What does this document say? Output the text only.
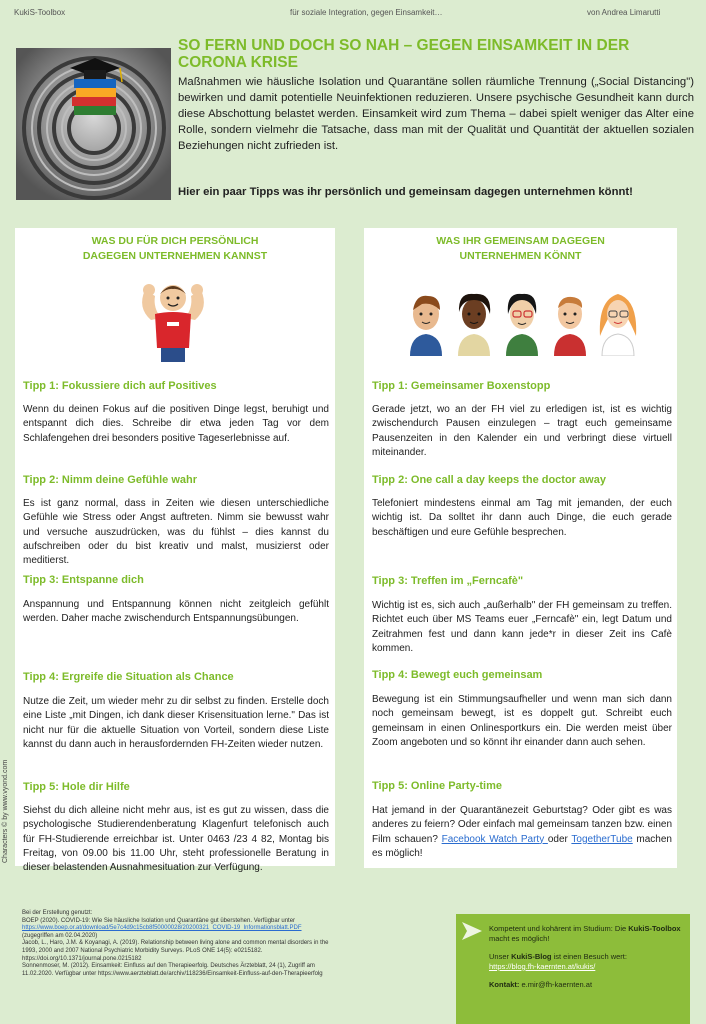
KukiS-Toolbox	für soziale Integration, gegen Einsamkeit…	von Andrea Limarutti
SO FERN UND DOCH SO NAH – GEGEN EINSAMKEIT IN DER CORONA KRISE

Maßnahmen wie häusliche Isolation und Quarantäne sollen räumliche Trennung („Social Distancing") bewirken und damit potentielle Neuinfektionen reduzieren. Unsere psychische Gesundheit kann durch diese Abschottung belastet werden. Einsamkeit wird zum Thema – dabei spielt weniger das Alter eine Rolle, sondern vielmehr die Tatsache, dass man mit der Qualität und Quantität der aktuellen sozialen Beziehungen nicht zufrieden ist.

Hier ein paar Tipps was ihr persönlich und gemeinsam dagegen unternehmen könnt!

WAS DU FÜR DICH PERSÖNLICH DAGEGEN UNTERNEHMEN KANNST
Tipp 1: Fokussiere dich auf Positives

Wenn du deinen Fokus auf die positiven Dinge legst, beruhigt und entspannt dich dies. Schreibe dir etwa jeden Tag vor dem Schlafengehen drei besonders positive Tageserlebnisse auf.

Tipp 2: Nimm deine Gefühle wahr

Es ist ganz normal, dass in Zeiten wie diesen unterschiedliche Gefühle wie Stress oder Angst auftreten. Nimm sie bewusst wahr und versuche auszudrücken, was du fühlst – dies kannst du aufschreiben oder du bist kreativ und malst, musizierst oder meditierst.

Tipp 3: Entspanne dich

Anspannung und Entspannung können nicht zeitgleich gefühlt werden. Daher mache zwischendurch Entspannungsübungen.

Tipp 4: Ergreife die Situation als Chance

Nutze die Zeit, um wieder mehr zu dir selbst zu finden. Erstelle doch eine Liste „mit Dingen, ich dank dieser Krisensituation lerne." Das ist nicht nur für die aktuelle Situation von Vorteil, sondern diese Liste kannst du dann auch in herausfordernden FH-Zeiten wieder nutzen.

Tipp 5: Hole dir Hilfe

Siehst du dich alleine nicht mehr aus, ist es gut zu wissen, dass die psychologische Studierendenberatung Klagenfurt telefonisch auch für FH-Studierende erreichbar ist. Unter 0463 /23 4 82, Montag bis Freitag, von 09.00 bis 11.00 Uhr, steht professionelle Beratung in dieser belastenden Ausnahmesituation zur Verfügung.

Characters © by www.vyond.com
WAS IHR GEMEINSAM DAGEGEN UNTERNEHMEN KÖNNT
Tipp 1: Gemeinsamer Boxenstopp

Gerade jetzt, wo an der FH viel zu erledigen ist, ist es wichtig zwischendurch Pausen einzulegen – tragt euch gemeinsame Pausenzeiten in den Kalender ein und verbringt diese virtuell miteinander.

Tipp 2: One call a day keeps the doctor away

Telefoniert mindestens einmal am Tag mit jemanden, der euch wichtig ist. Da solltet ihr dann auch Dinge, die euch gerade beschäftigen und eure Gefühle besprechen.

Tipp 3: Treffen im „Ferncafè"

Wichtig ist es, sich auch „außerhalb" der FH gemeinsam zu treffen. Richtet euch über MS Teams euer „Ferncafè" ein, legt Datum und Zeitrahmen fest und dann kann jede*r in dieser Zeit ins Cafè kommen.

Tipp 4: Bewegt euch gemeinsam

Bewegung ist ein Stimmungsaufheller und wenn man sich dann noch gemeinsam bewegt, ist es doppelt gut. Schreibt euch gemeinsam in einen Onlinesportkurs ein. Die werden meist über Zoom angeboten und so könnt ihr einander dann auch sehen.

Tipp 5: Online Party-time

Hat jemand in der Quarantänezeit Geburtstag? Oder gibt es was anderes zu feiern? Oder einfach mal gemeinsam tanzen bzw. einen Film schauen? Facebook Watch Party oder TogetherTube machen es möglich!

Bei der Erstellung genutzt:
BOEP (2020). COVID-19: Wie Sie häusliche Isolation und Quarantäne gut überstehen. Verfügbar unter
https://www.boep.or.at/download/5e7c4d9c15cb8f50000028/20200321_COVID-19_Informationsblatt.PDF
(zugegriffen am 02.04.2020)
Jacob, L., Haro, J.M. & Koyanagi, A. (2019). Relationship between living alone and common mental disorders in the
1993, 2000 and 2007 National Psychiatric Morbidity Surveys. PLoS ONE 14(5): e0215182.
https://doi.org/10.1371/journal.pone.0215182
Sonnenmoser, M. (2012). Einsamkeit: Einfluss auf den Therapieerfolg. Deutsches Ärzteblatt, 24 (1), Zugriff am
11.02.2020. Verfügbar unter https://www.aerzteblatt.de/archiv/118236/Einsamkeit-Einfluss-auf-den-Therapieerfolg

Kompetent und kohärent im Studium: Die KukiS-Toolbox macht es möglich!

Unser KukiS-Blog ist einen Besuch wert:
https://blog.fh-kaernten.at/kukis/

Kontakt: e.mir@fh-kaernten.at
